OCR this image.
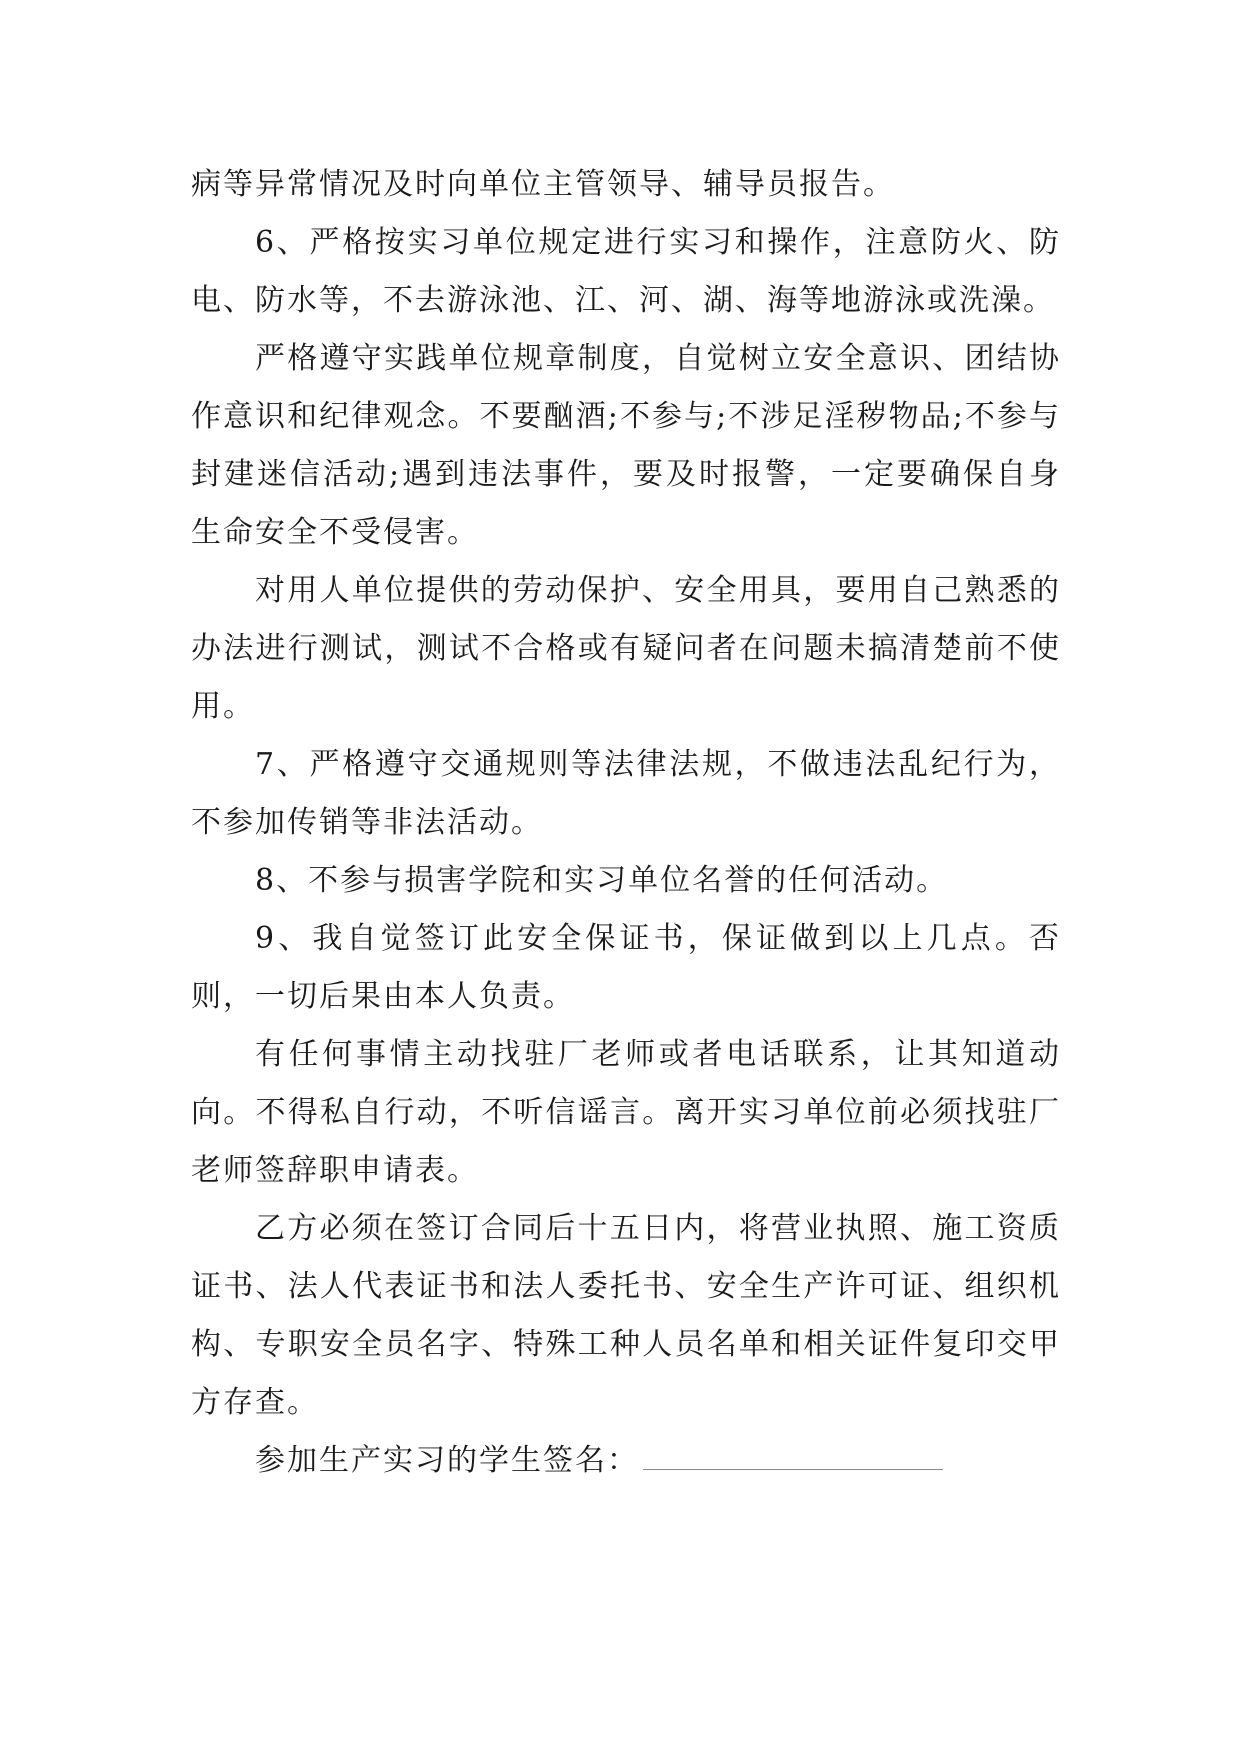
病等异常情况及时向单位主管领导、辅导员报告。

6、严格按实习单位规定进行实习和操作，注意防火、防电、防水等，不去游泳池、江、河、湖、海等地游泳或洗澡。

严格遵守实践单位规章制度，自觉树立安全意识、团结协作意识和纪律观念。不要酗酒;不参与;不涉足淫秽物品;不参与封建迷信活动;遇到违法事件，要及时报警，一定要确保自身生命安全不受侵害。

对用人单位提供的劳动保护、安全用具，要用自己熟悉的办法进行测试，测试不合格或有疑问者在问题未搞清楚前不使用。

7、严格遵守交通规则等法律法规，不做违法乱纪行为，不参加传销等非法活动。

8、不参与损害学院和实习单位名誉的任何活动。

9、我自觉签订此安全保证书，保证做到以上几点。否则，一切后果由本人负责。

有任何事情主动找驻厂老师或者电话联系，让其知道动向。不得私自行动，不听信谣言。离开实习单位前必须找驻厂老师签辞职申请表。

乙方必须在签订合同后十五日内，将营业执照、施工资质证书、法人代表证书和法人委托书、安全生产许可证、组织机构、专职安全员名字、特殊工种人员名单和相关证件复印交甲方存查。

参加生产实习的学生签名：
